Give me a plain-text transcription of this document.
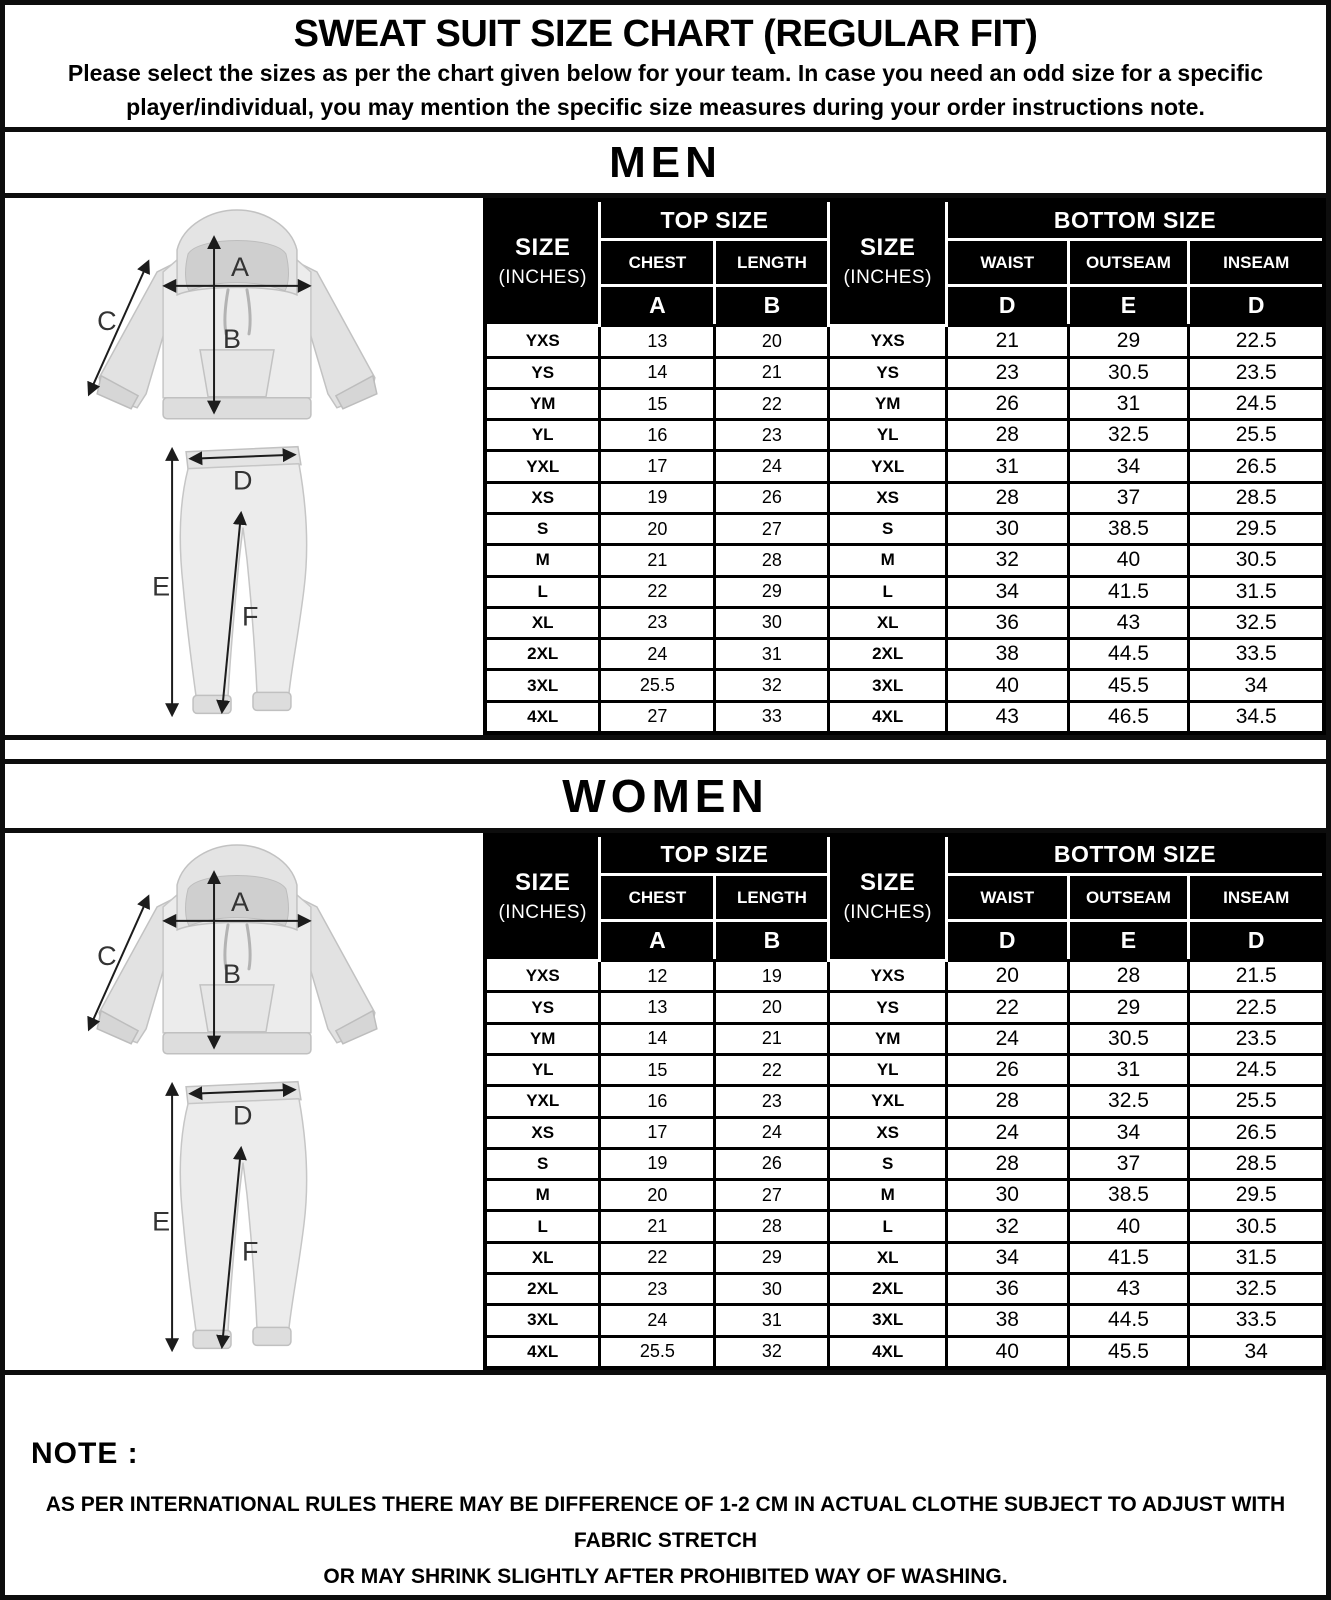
SWEAT SUIT SIZE CHART (REGULAR FIT)
Please select the sizes as per the chart given below for your team. In case you need an odd size for a specific
player/individual, you may mention the specific size measures during your order instructions note.
MEN
SIZE
(INCHES)	TOP SIZE		SIZE
(INCHES)	BOTTOM SIZE		
	CHEST	LENGTH		WAIST	OUTSEAM	INSEAM
	A	B		D	E	D
YXS	13	20	YXS	21	29	22.5
YS	14	21	YS	23	30.5	23.5
YM	15	22	YM	26	31	24.5
YL	16	23	YL	28	32.5	25.5
YXL	17	24	YXL	31	34	26.5
XS	19	26	XS	28	37	28.5
S	20	27	S	30	38.5	29.5
M	21	28	M	32	40	30.5
L	22	29	L	34	41.5	31.5
XL	23	30	XL	36	43	32.5
2XL	24	31	2XL	38	44.5	33.5
3XL	25.5	32	3XL	40	45.5	34
4XL	27	33	4XL	43	46.5	34.5
WOMEN
SIZE
(INCHES)	TOP SIZE		SIZE
(INCHES)	BOTTOM SIZE		
	CHEST	LENGTH		WAIST	OUTSEAM	INSEAM
	A	B		D	E	D
YXS	12	19	YXS	20	28	21.5
YS	13	20	YS	22	29	22.5
YM	14	21	YM	24	30.5	23.5
YL	15	22	YL	26	31	24.5
YXL	16	23	YXL	28	32.5	25.5
XS	17	24	XS	24	34	26.5
S	19	26	S	28	37	28.5
M	20	27	M	30	38.5	29.5
L	21	28	L	32	40	30.5
XL	22	29	XL	34	41.5	31.5
2XL	23	30	2XL	36	43	32.5
3XL	24	31	3XL	38	44.5	33.5
4XL	25.5	32	4XL	40	45.5	34
NOTE :
AS PER INTERNATIONAL RULES THERE MAY BE DIFFERENCE OF 1-2 CM IN ACTUAL CLOTHE SUBJECT TO ADJUST WITH FABRIC STRETCH
OR MAY SHRINK SLIGHTLY AFTER PROHIBITED WAY OF WASHING.
